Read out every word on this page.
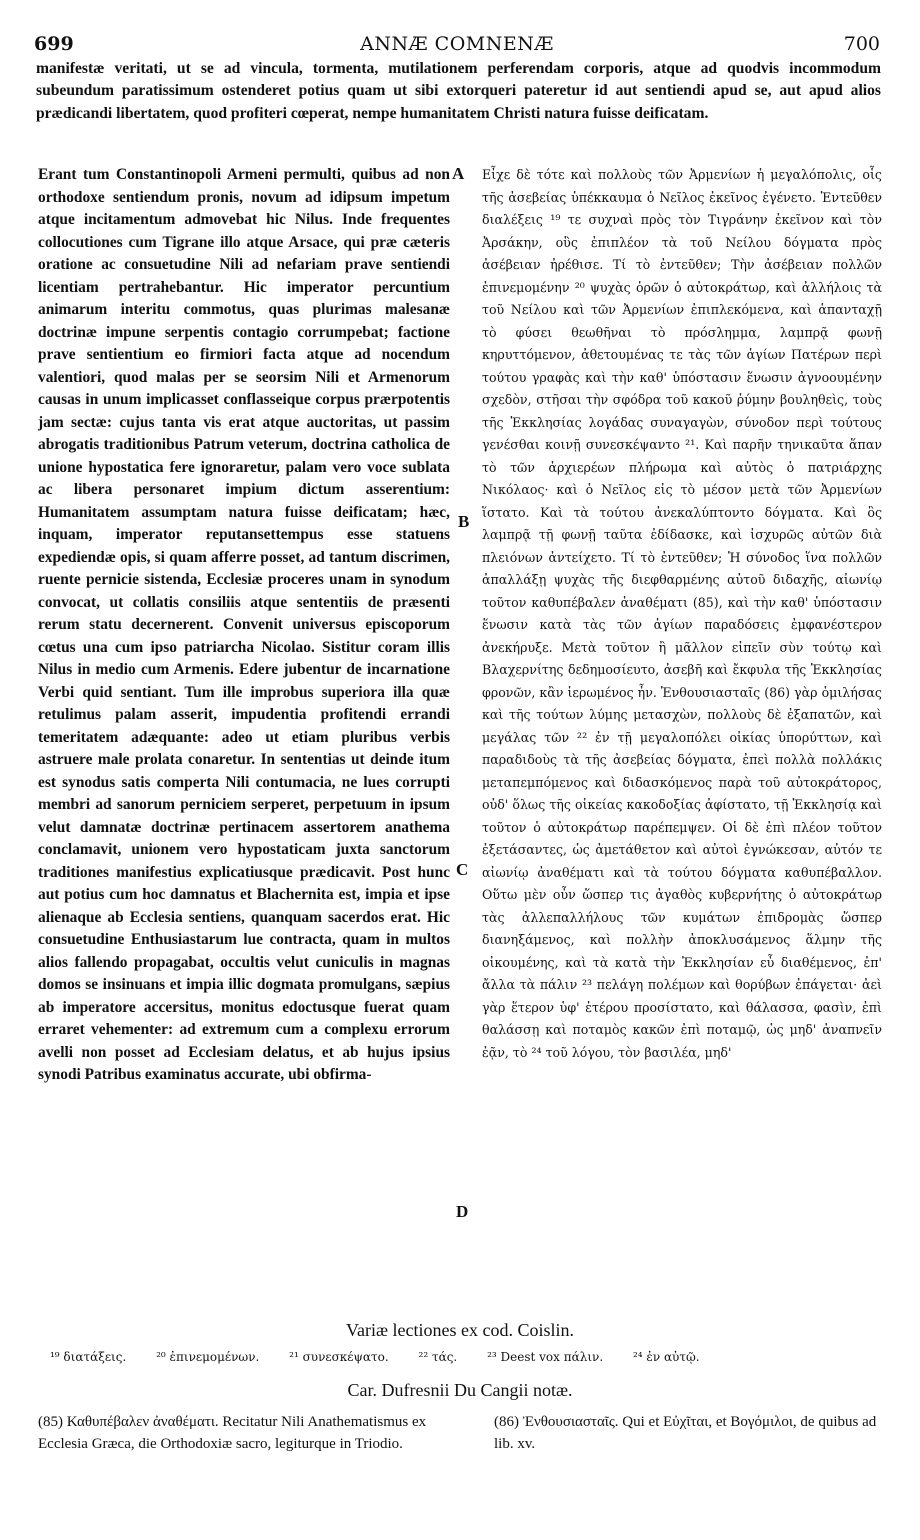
699	ANNÆ COMNENÆ	700

manifestæ veritati, ut se ad vincula, tormenta, mutilationem perferendam corporis, atque ad quodvis incommodum subeundum paratissimum ostenderet potius quam ut sibi extorqueri pateretur id aut sentiendi apud se, aut apud alios prædicandi libertatem, quod profiteri cœperat, nempe humanitatem Christi natura fuisse deificatam.

Erant tum Constantinopoli Armeni permulti, quibus ad non orthodoxe sentiendum pronis, novum ad idipsum impetum atque incitamentum admovebat hic Nilus. Inde frequentes collocutiones cum Tigrane illo atque Arsace, qui præ cæteris oratione ac consuetudine Nili ad nefariam prave sentiendi licentiam pertrahebantur. Hic imperator percuntium animarum interitu commotus, quas plurimas malesanæ doctrinæ impune serpentis contagio corrumpebat; factione prave sentientium eo firmiori facta atque ad nocendum valentiori, quod malas per se seorsim Nili et Armenorum causas in unum implicasset conflasseique corpus prærpotentis jam sectæ: cujus tanta vis erat atque auctoritas, ut passim abrogatis traditionibus Patrum veterum, doctrina catholica de unione hypostatica fere ignoraretur, palam vero voce sublata ac libera personaret impium dictum asserentium: Humanitatem assumptam natura fuisse deificatam; hæc, inquam, imperator reputansettempus esse statuens expediendæ opis, si quam afferre posset, ad tantum discrimen, ruente pernicie sistenda, Ecclesiæ proceres unam in synodum convocat, ut collatis consiliis atque sententiis de præsenti rerum statu decernerent. Convenit universus episcoporum cœtus una cum ipso patriarcha Nicolao. Sistitur coram illis Nilus in medio cum Armenis. Edere jubentur de incarnatione Verbi quid sentiant. Tum ille improbus superiora illa quæ retulimus palam asserit, impudentia profitendi errandi temeritatem adæquante: adeo ut etiam pluribus verbis astruere male prolata conaretur. In sententias ut deinde itum est synodus satis comperta Nili contumacia, ne lues corrupti membri ad sanorum perniciem serperet, perpetuum in ipsum velut damnatæ doctrinæ pertinacem assertorem anathema conclamavit, unionem vero hypostaticam juxta sanctorum traditiones manifestius explicatiusque prædicavit. Post hunc aut potius cum hoc damnatus et Blachernita est, impia et ipse alienaque ab Ecclesia sentiens, quanquam sacerdos erat. Hic consuetudine Enthusiastarum lue contracta, quam in multos alios fallendo propagabat, occultis velut cuniculis in magnas domos se insinuans et impia illic dogmata promulgans, sæpius ab imperatore accersitus, monitus edoctusque fuerat quam erraret vehementer: ad extremum cum a complexu errorum avelli non posset ad Ecclesiam delatus, et ab hujus ipsius synodi Patribus examinatus accurate, ubi obfirma-

A
B
C
D

Εἶχε δὲ τότε καὶ πολλοὺς τῶν Ἀρμενίων ἡ μεγαλόπολις, οἷς τῆς ἀσεβείας ὑπέκκαυμα ὁ Νεῖλος ἐκεῖνος ἐγένετο. Ἐντεῦθεν διαλέξεις ¹⁹ τε συχναὶ πρὸς τὸν Τιγράνην ἐκεῖνον καὶ τὸν Ἀρσάκην, οὓς ἐπιπλέον τὰ τοῦ Νείλου δόγματα πρὸς ἀσέβειαν ἠρέθισε. Τί τὸ ἐντεῦθεν; Τὴν ἀσέβειαν πολλῶν ἐπινεμομένην ²⁰ ψυχὰς ὁρῶν ὁ αὐτοκράτωρ, καὶ ἀλλήλοις τὰ τοῦ Νείλου καὶ τῶν Ἀρμενίων ἐπιπλεκόμενα, καὶ ἁπανταχῇ τὸ φύσει θεωθῆναι τὸ πρόσλημμα, λαμπρᾷ φωνῇ κηρυττόμενον, ἀθετουμένας τε τὰς τῶν ἁγίων Πατέρων περὶ τούτου γραφὰς καὶ τὴν καθ' ὑπόστασιν ἕνωσιν ἀγνοουμένην σχεδὸν, στῆσαι τὴν σφόδρα τοῦ κακοῦ ῥύμην βουληθεὶς, τοὺς τῆς Ἐκκλησίας λογάδας συναγαγὼν, σύνοδον περὶ τούτους γενέσθαι κοινῇ συνεσκέψαντο ²¹. Καὶ παρῆν τηνικαῦτα ἅπαν τὸ τῶν ἀρχιερέων πλήρωμα καὶ αὐτὸς ὁ πατριάρχης Νικόλαος· καὶ ὁ Νεῖλος εἰς τὸ μέσον μετὰ τῶν Ἀρμενίων ἵστατο. Καὶ τὰ τούτου ἀνεκαλύπτοντο δόγματα. Καὶ ὃς λαμπρᾷ τῇ φωνῇ ταῦτα ἐδίδασκε, καὶ ἰσχυρῶς αὐτῶν διὰ πλειόνων ἀντείχετο. Τί τὸ ἐντεῦθεν; Ἡ σύνοδος ἵνα πολλῶν ἀπαλλάξῃ ψυχὰς τῆς διεφθαρμένης αὐτοῦ διδαχῆς, αἰωνίῳ τοῦτον καθυπέβαλεν ἀναθέματι (85), καὶ τὴν καθ' ὑπόστασιν ἕνωσιν κατὰ τὰς τῶν ἁγίων παραδόσεις ἐμφανέστερον ἀνεκήρυξε. Μετὰ τοῦτον ἢ μᾶλλον εἰπεῖν σὺν τούτῳ καὶ Βλαχερνίτης δεδημοσίευτο, ἀσεβῆ καὶ ἔκφυλα τῆς Ἐκκλησίας φρονῶν, κἂν ἱερωμένος ἦν. Ἐνθουσιασταῖς (86) γὰρ ὁμιλήσας καὶ τῆς τούτων λύμης μετασχὼν, πολλοὺς δὲ ἐξαπατῶν, καὶ μεγάλας τῶν ²² ἐν τῇ μεγαλοπόλει οἰκίας ὑπορύττων, καὶ παραδιδοὺς τὰ τῆς ἀσεβείας δόγματα, ἐπεὶ πολλὰ πολλάκις μεταπεμπόμενος καὶ διδασκόμενος παρὰ τοῦ αὐτοκράτορος, οὐδ' ὅλως τῆς οἰκείας κακοδοξίας ἀφίστατο, τῇ Ἐκκλησίᾳ καὶ τοῦτον ὁ αὐτοκράτωρ παρέπεμψεν. Οἱ δὲ ἐπὶ πλέον τοῦτον ἐξετάσαντες, ὡς ἀμετάθετον καὶ αὐτοὶ ἐγνώκεσαν, αὐτόν τε αἰωνίῳ ἀναθέματι καὶ τὰ τούτου δόγματα καθυπέβαλλον. Οὕτω μὲν οὖν ὥσπερ τις ἀγαθὸς κυβερνήτης ὁ αὐτοκράτωρ τὰς ἀλλεπαλλήλους τῶν κυμάτων ἐπιδρομὰς ὥσπερ διανηξάμενος, καὶ πολλὴν ἀποκλυσάμενος ἅλμην τῆς οἰκουμένης, καὶ τὰ κατὰ τὴν Ἐκκλησίαν εὖ διαθέμενος, ἐπ' ἄλλα τὰ πάλιν ²³ πελάγη πολέμων καὶ θορύβων ἐπάγεται· ἀεὶ γὰρ ἕτερον ὑφ' ἑτέρου προσίστατο, καὶ θάλασσα, φασὶν, ἐπὶ θαλάσσῃ καὶ ποταμὸς κακῶν ἐπὶ ποταμῷ, ὡς μηδ' ἀναπνεῖν ἐᾷν, τὸ ²⁴ τοῦ λόγου, τὸν βασιλέα, μηδ'

Variæ lectiones ex cod. Coislin.
¹⁹ διατάξεις. ²⁰ ἐπινεμομένων. ²¹ συνεσκέψατο. ²² τάς. ²³ Deest vox πάλιν. ²⁴ ἐν αὐτῷ.
Car. Dufresnii Du Cangii notæ.

(85) Καθυπέβαλεν ἀναθέματι. Recitatur Nili Anathematismus ex Ecclesia Græca, die Orthodoxiæ sacro, legiturque in Triodio.

(86) Ἐνθουσιασταῖς. Qui et Εὐχῖται, et Βογόμιλοι, de quibus ad lib. xv.
